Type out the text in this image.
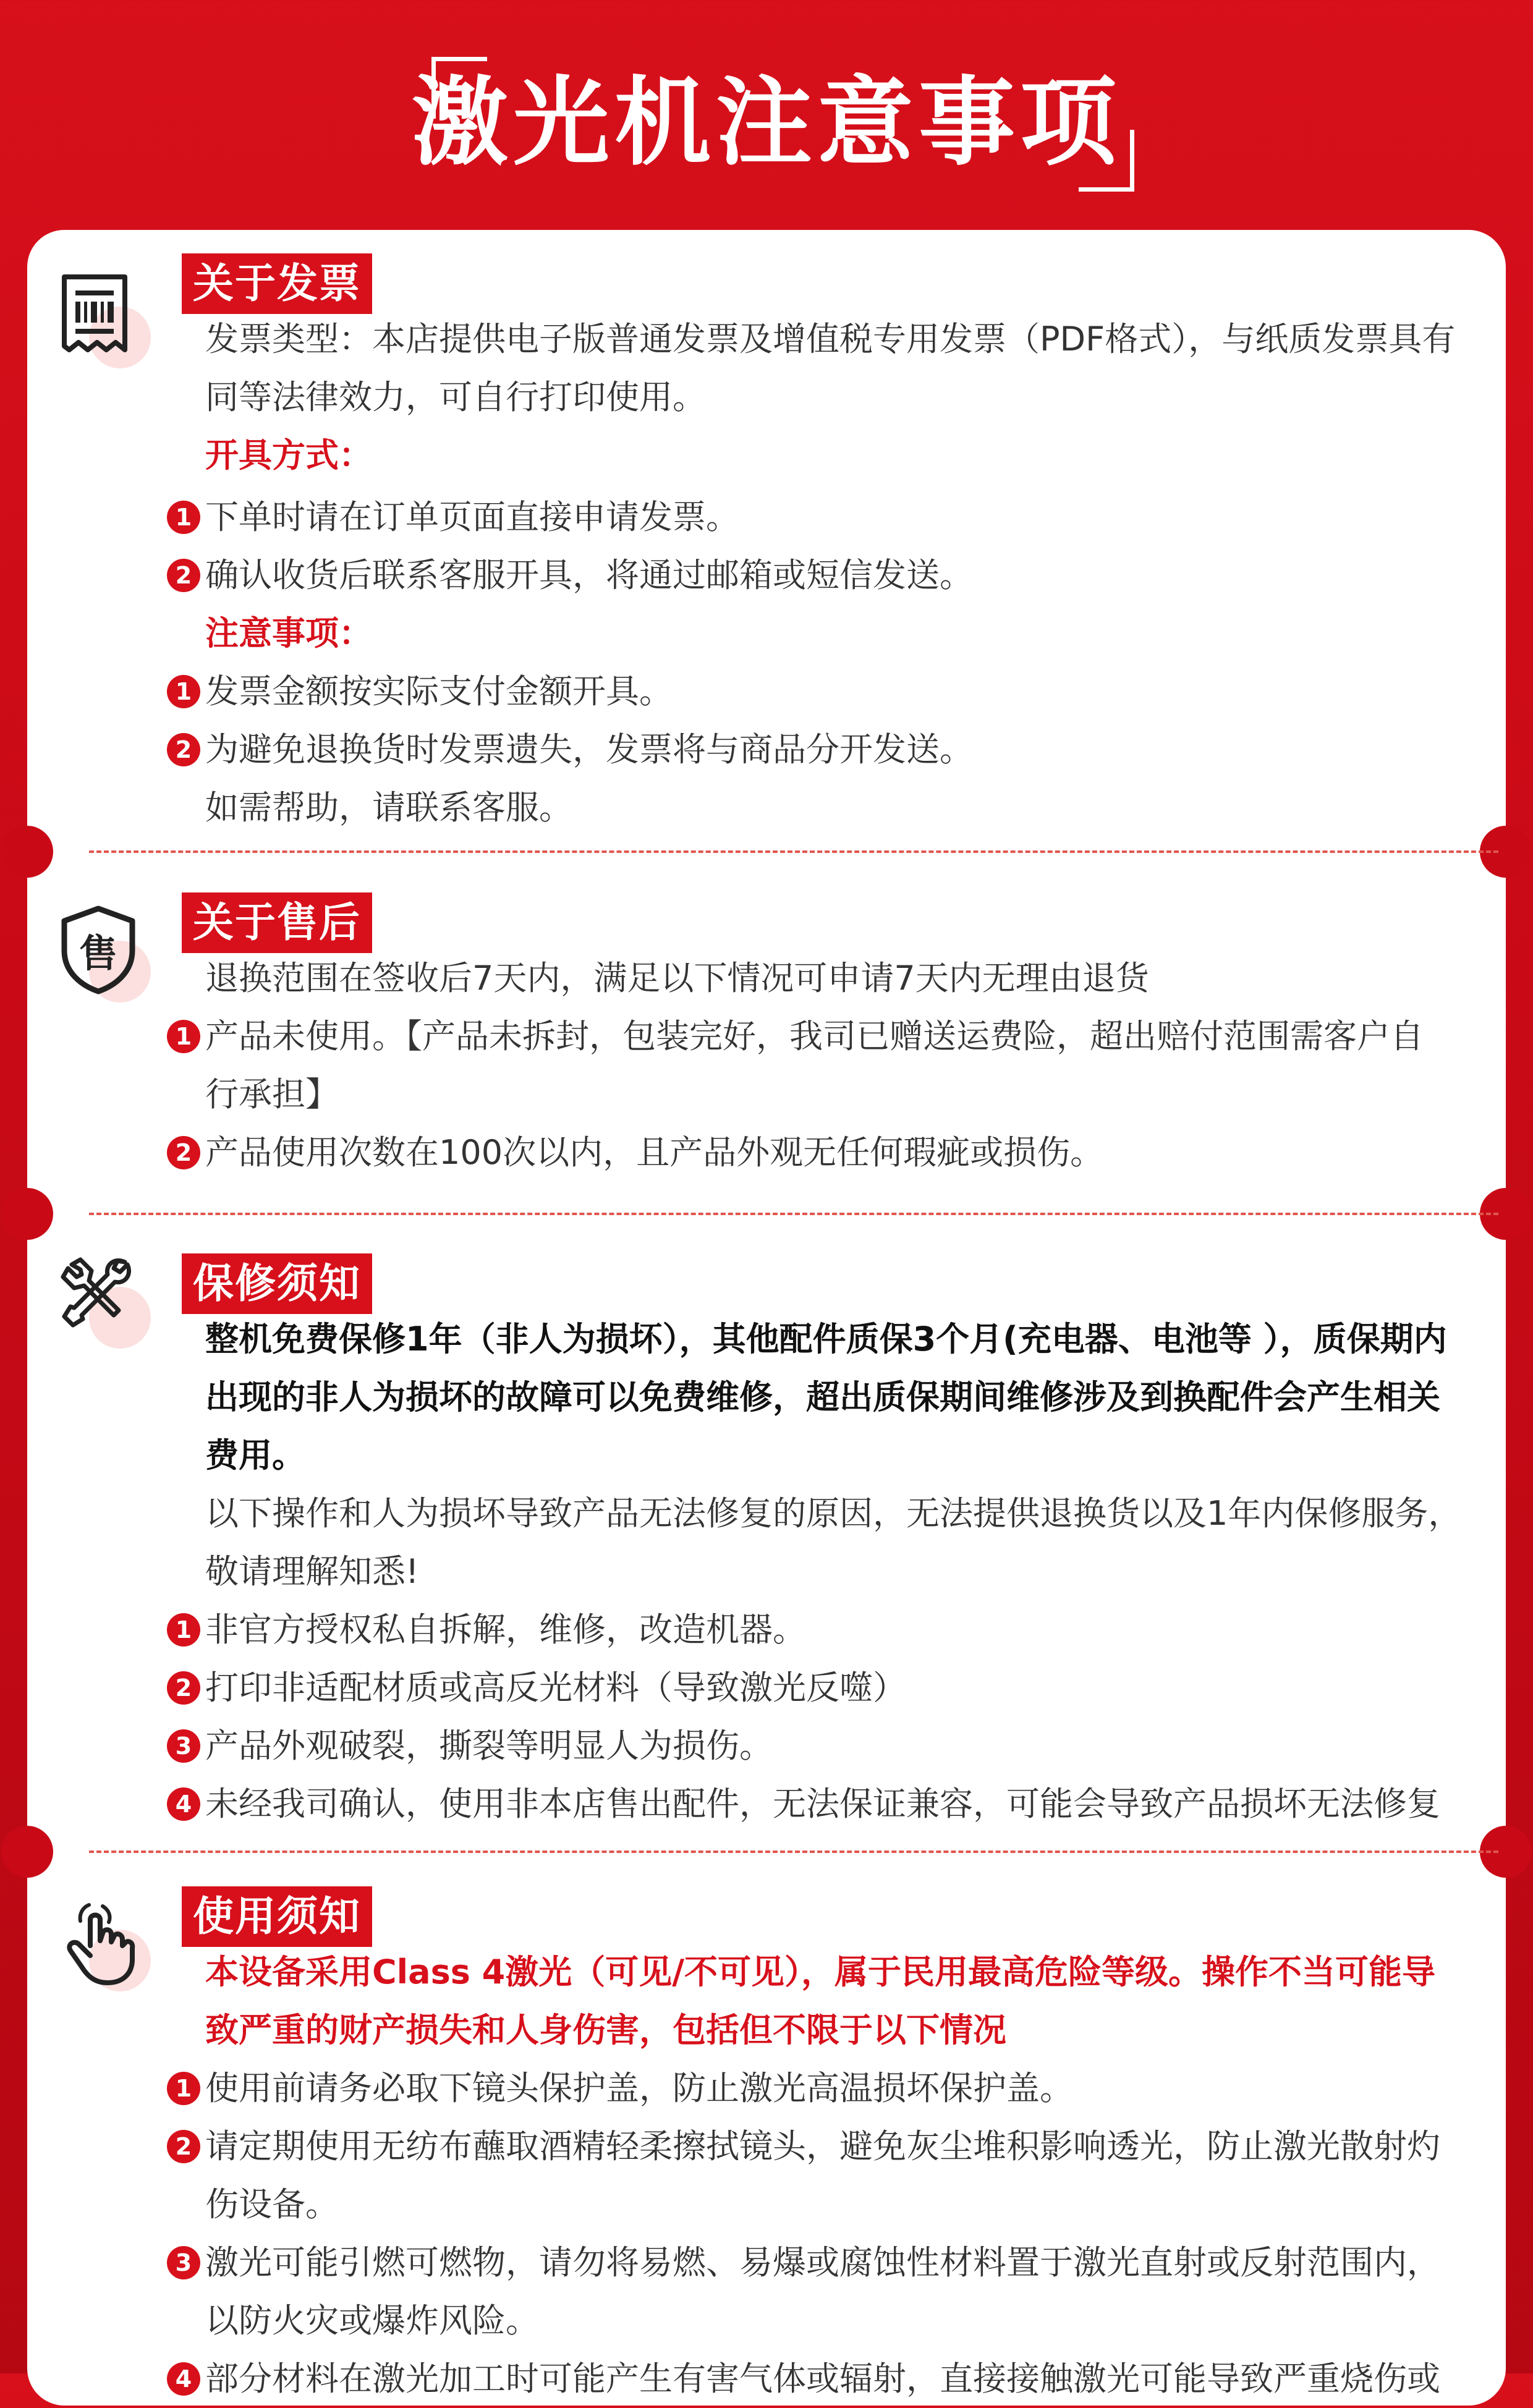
激光机注意事项
关于发票
发票类型：本店提供电子版普通发票及增值税专用发票（PDF格式），与纸质发票具有
同等法律效力，可自行打印使用。
开具方式：
1 下单时请在订单页面直接申请发票。
2 确认收货后联系客服开具，将通过邮箱或短信发送。
注意事项：
1 发票金额按实际支付金额开具。
2 为避免退换货时发票遗失，发票将与商品分开发送。
如需帮助，请联系客服。
售
关于售后
退换范围在签收后7天内，满足以下情况可申请7天内无理由退货
1 产品未使用。【产品未拆封，包装完好，我司已赠送运费险，超出赔付范围需客户自
行承担】
2 产品使用次数在100次以内，且产品外观无任何瑕疵或损伤。
保修须知
整机免费保修1年（非人为损坏），其他配件质保3个月(充电器、电池等 ），质保期内
出现的非人为损坏的故障可以免费维修，超出质保期间维修涉及到换配件会产生相关
费用。
以下操作和人为损坏导致产品无法修复的原因，无法提供退换货以及1年内保修服务，
敬请理解知悉!
1 非官方授权私自拆解，维修，改造机器。
2 打印非适配材质或高反光材料（导致激光反噬）
3 产品外观破裂，撕裂等明显人为损伤。
4 未经我司确认，使用非本店售出配件，无法保证兼容，可能会导致产品损坏无法修复
使用须知
本设备采用Class 4激光（可见/不可见），属于民用最高危险等级。操作不当可能导
致严重的财产损失和人身伤害，包括但不限于以下情况
1 使用前请务必取下镜头保护盖，防止激光高温损坏保护盖。
2 请定期使用无纺布蘸取酒精轻柔擦拭镜头，避免灰尘堆积影响透光，防止激光散射灼
伤设备。
3 激光可能引燃可燃物，请勿将易燃、易爆或腐蚀性材料置于激光直射或反射范围内，
以防火灾或爆炸风险。
4 部分材料在激光加工时可能产生有害气体或辐射，直接接触激光可能导致严重烧伤或
